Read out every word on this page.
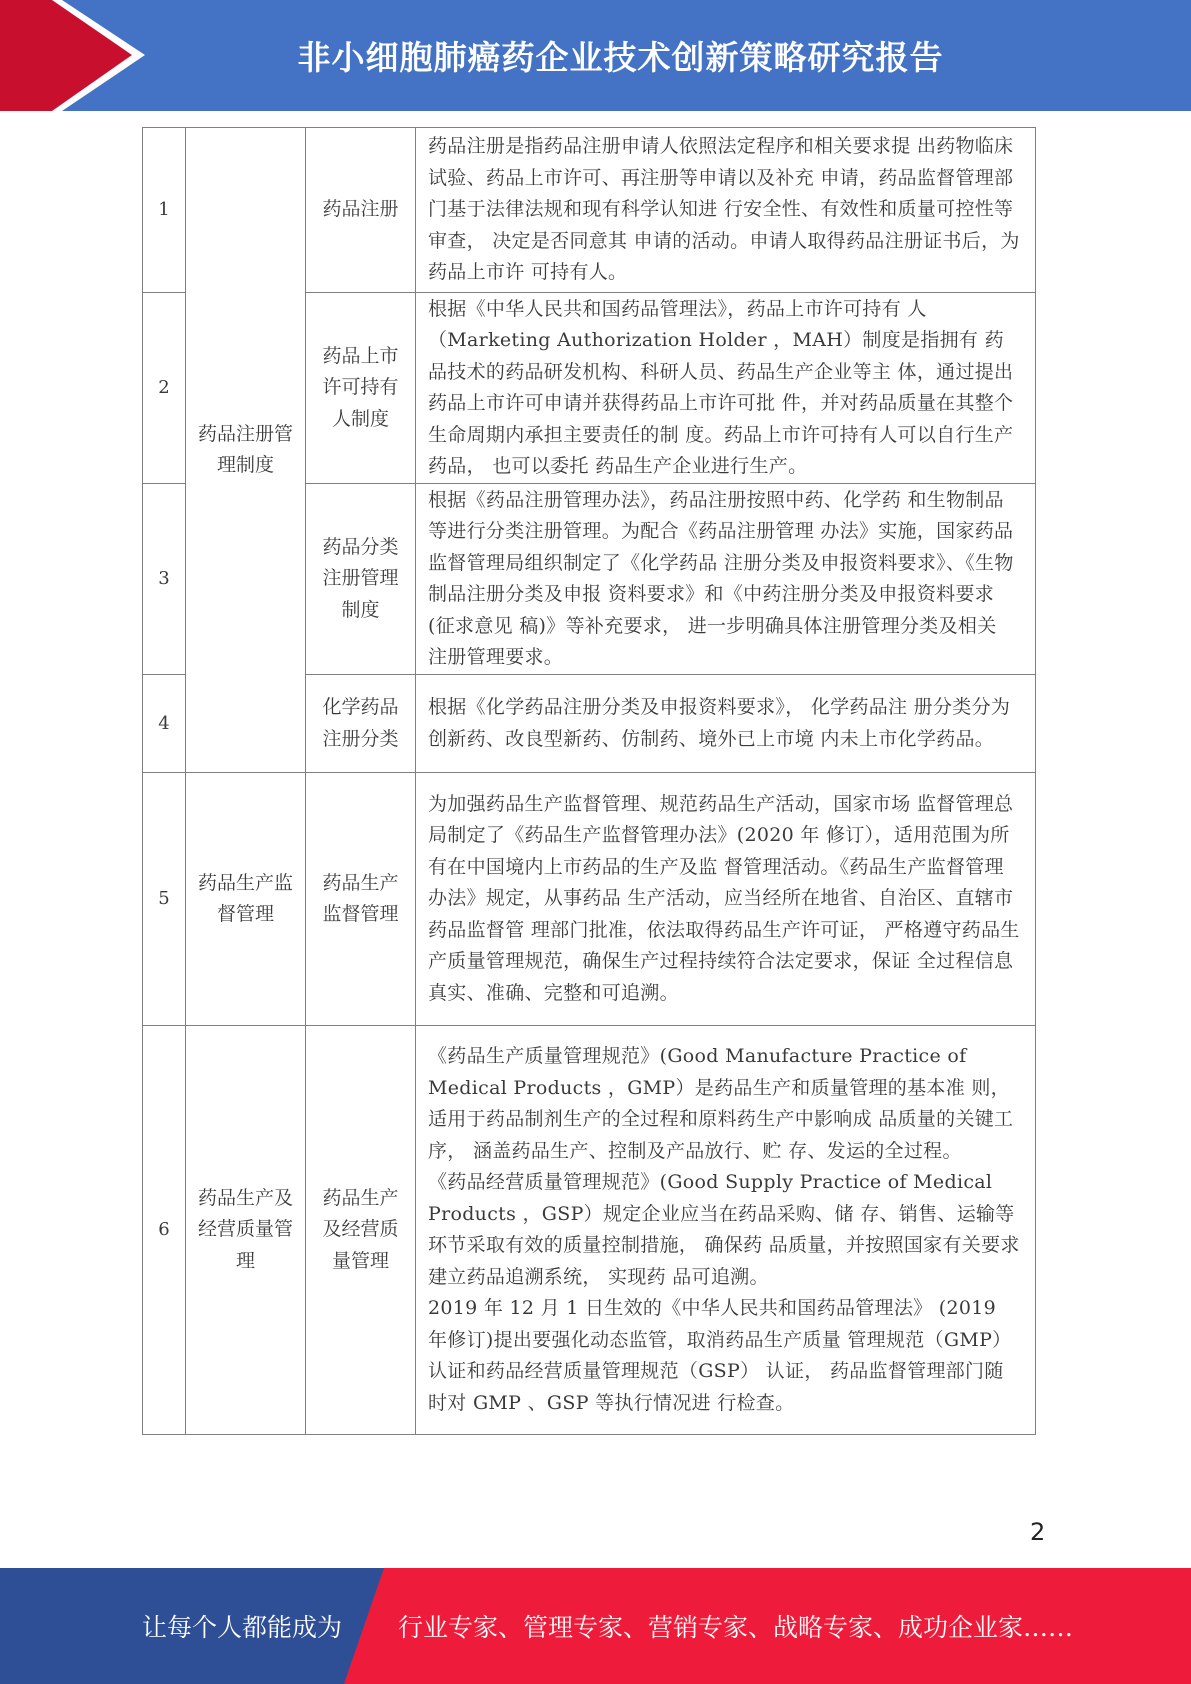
非小细胞肺癌药企业技术创新策略研究报告
1	药品注册管理制度	药品注册	药品注册是指药品注册申请人依照法定程序和相关要求提 出药物临床试验、药品上市许可、再注册等申请以及补充 申请，药品监督管理部门基于法律法规和现有科学认知进 行安全性、有效性和质量可控性等审查， 决定是否同意其 申请的活动。申请人取得药品注册证书后，为药品上市许 可持有人。
2		药品上市许可持有人制度	根据《中华人民共和国药品管理法》，药品上市许可持有 人（Marketing Authorization Holder ，MAH）制度是指拥有 药品技术的药品研发机构、科研人员、药品生产企业等主 体，通过提出药品上市许可申请并获得药品上市许可批 件，并对药品质量在其整个生命周期内承担主要责任的制 度。药品上市许可持有人可以自行生产药品， 也可以委托 药品生产企业进行生产。
3		药品分类注册管理制度	根据《药品注册管理办法》，药品注册按照中药、化学药 和生物制品等进行分类注册管理。为配合《药品注册管理 办法》实施，国家药品监督管理局组织制定了《化学药品 注册分类及申报资料要求》、《生物制品注册分类及申报 资料要求》和《中药注册分类及申报资料要求(征求意见 稿)》等补充要求， 进一步明确具体注册管理分类及相关 注册管理要求。
4		化学药品注册分类	根据《化学药品注册分类及申报资料要求》， 化学药品注 册分类分为创新药、改良型新药、仿制药、境外已上市境 内未上市化学药品。
5	药品生产监督管理	药品生产监督管理	为加强药品生产监督管理、规范药品生产活动，国家市场 监督管理总局制定了《药品生产监督管理办法》(2020 年 修订），适用范围为所有在中国境内上市药品的生产及监 督管理活动。《药品生产监督管理办法》规定，从事药品 生产活动，应当经所在地省、自治区、直辖市药品监督管 理部门批准，依法取得药品生产许可证， 严格遵守药品生产质量管理规范，确保生产过程持续符合法定要求，保证 全过程信息真实、准确、完整和可追溯。
6	药品生产及经营质量管理	药品生产及经营质量管理	《药品生产质量管理规范》(Good Manufacture Practice of Medical Products ，GMP）是药品生产和质量管理的基本准 则，适用于药品制剂生产的全过程和原料药生产中影响成 品质量的关键工序， 涵盖药品生产、控制及产品放行、贮 存、发运的全过程。

《药品经营质量管理规范》(Good Supply Practice of Medical Products ，GSP）规定企业应当在药品采购、储 存、销售、运输等环节采取有效的质量控制措施， 确保药 品质量，并按照国家有关要求建立药品追溯系统， 实现药 品可追溯。

2019 年 12 月 1 日生效的《中华人民共和国药品管理法》 (2019 年修订)提出要强化动态监管，取消药品生产质量 管理规范（GMP）认证和药品经营质量管理规范（GSP） 认证， 药品监督管理部门随时对 GMP 、GSP 等执行情况进 行检查。

2
让每个人都能成为 行业专家、管理专家、营销专家、战略专家、成功企业家……
